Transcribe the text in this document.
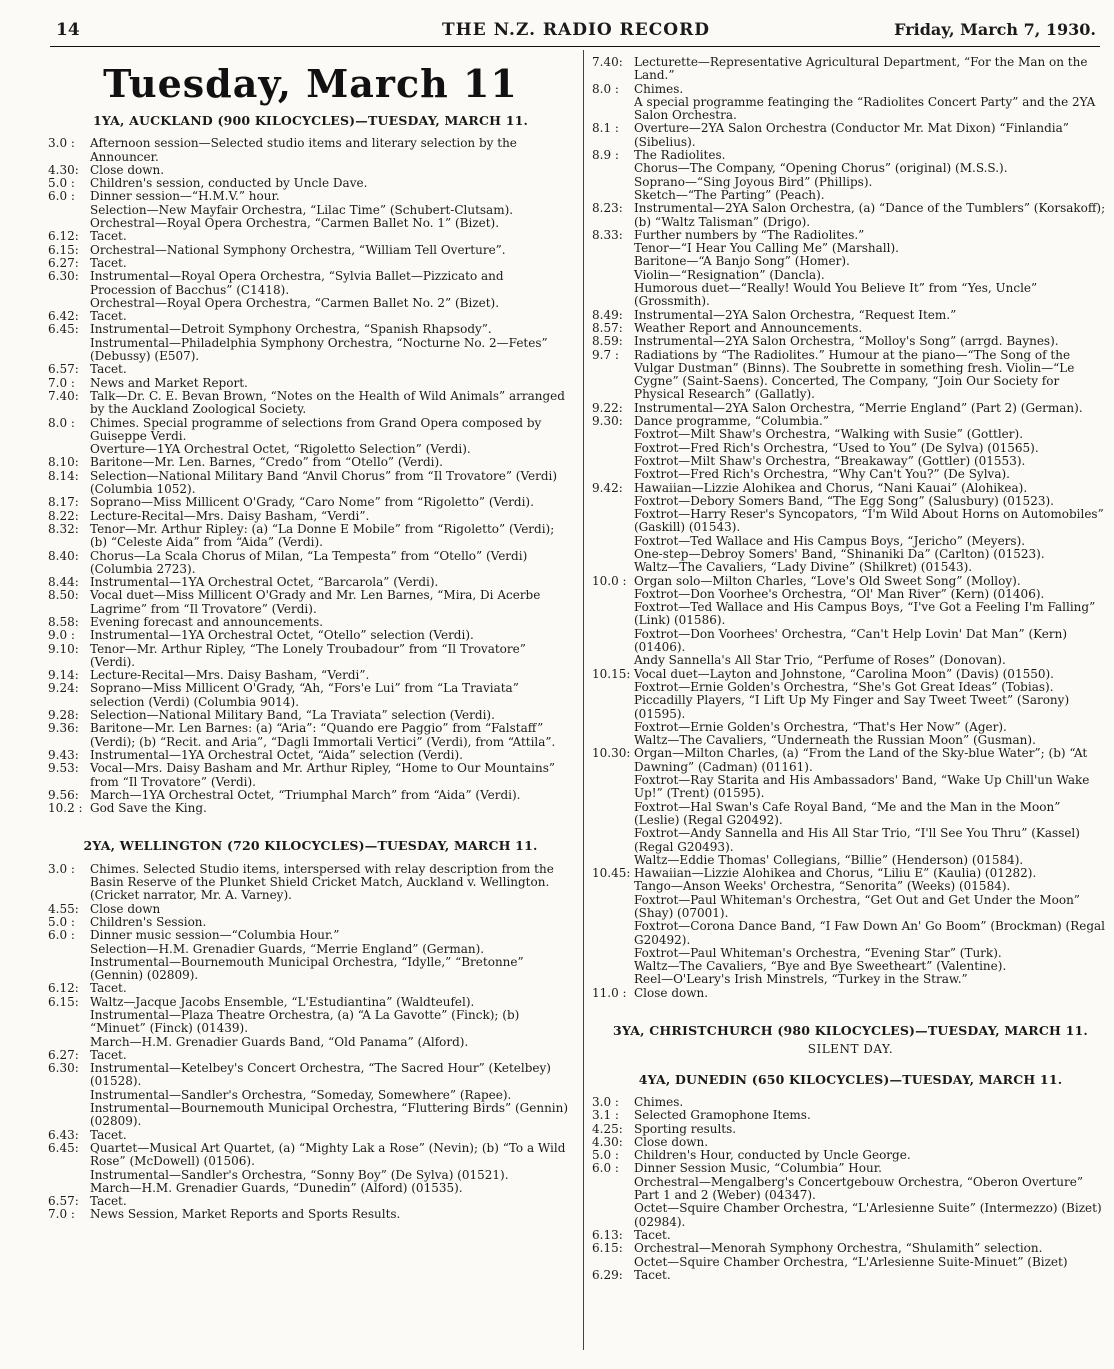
14	THE N.Z. RADIO RECORD	Friday, March 7, 1930.
Tuesday, March 11
1YA, AUCKLAND (900 KILOCYCLES)—TUESDAY, MARCH 11.
3.0 :	Afternoon session—Selected studio items and literary selection by the Announcer.
4.30: Close down.
5.0 :	Children's session, conducted by Uncle Dave.
6.0 :	Dinner session—“H.M.V.” hour.
Selection—New Mayfair Orchestra, “Lilac Time” (Schubert-Clutsam).
Orchestral—Royal Opera Orchestra, “Carmen Ballet No. 1” (Bizet).
6.12: Tacet.
6.15: Orchestral—National Symphony Orchestra, “William Tell Overture”.
6.27: Tacet.
6.30: Instrumental—Royal Opera Orchestra, “Sylvia Ballet—Pizzicato and Procession of Bacchus” (C1418).
Orchestral—Royal Opera Orchestra, “Carmen Ballet No. 2” (Bizet).
6.42: Tacet.
6.45: Instrumental—Detroit Symphony Orchestra, “Spanish Rhapsody”.
Instrumental—Philadelphia Symphony Orchestra, “Nocturne No. 2—Fetes” (Debussy) (E507).
6.57: Tacet.
7.0 :	News and Market Report.
7.40: Talk—Dr. C. E. Bevan Brown, “Notes on the Health of Wild Animals” arranged by the Auckland Zoological Society.
8.0 :	Chimes. Special programme of selections from Grand Opera composed by Guiseppe Verdi.
Overture—1YA Orchestral Octet, “Rigoletto Selection” (Verdi).
8.10: Baritone—Mr. Len. Barnes, “Credo” from “Otello” (Verdi).
8.14: Selection—National Military Band “Anvil Chorus” from “Il Trovatore” (Verdi) (Columbia 1052).
8.17: Soprano—Miss Millicent O'Grady, “Caro Nome” from “Rigoletto” (Verdi).
8.22: Lecture-Recital—Mrs. Daisy Basham, “Verdi”.
8.32: Tenor—Mr. Arthur Ripley: (a) “La Donne E Mobile” from “Rigoletto” (Verdi); (b) “Celeste Aida” from “Aida” (Verdi).
8.40: Chorus—La Scala Chorus of Milan, “La Tempesta” from “Otello” (Verdi) (Columbia 2723).
8.44: Instrumental—1YA Orchestral Octet, “Barcarola” (Verdi).
8.50: Vocal duet—Miss Millicent O'Grady and Mr. Len Barnes, “Mira, Di Acerbe Lagrime” from “Il Trovatore” (Verdi).
8.58: Evening forecast and announcements.
9.0 :	Instrumental—1YA Orchestral Octet, “Otello” selection (Verdi).
9.10: Tenor—Mr. Arthur Ripley, “The Lonely Troubadour” from “Il Trovatore” (Verdi).
9.14: Lecture-Recital—Mrs. Daisy Basham, “Verdi”.
9.24: Soprano—Miss Millicent O'Grady, “Ah, “Fors'e Lui” from “La Traviata” selection (Verdi) (Columbia 9014).
9.28: Selection—National Military Band, “La Traviata” selection (Verdi).
9.36: Baritone—Mr. Len Barnes: (a) “Aria”: “Quando ere Paggio” from “Falstaff” (Verdi); (b) “Recit. and Aria”, “Dagli Immortali Vertici” (Verdi), from “Attila”.
9.43: Instrumental—1YA Orchestral Octet, “Aida” selection (Verdi).
9.53: Vocal—Mrs. Daisy Basham and Mr. Arthur Ripley, “Home to Our Mountains” from “Il Trovatore” (Verdi).
9.56: March—1YA Orchestral Octet, “Triumphal March” from “Aida” (Verdi).
10.2 : God Save the King.
2YA, WELLINGTON (720 KILOCYCLES)—TUESDAY, MARCH 11.
3.0 :	Chimes. Selected Studio items, interspersed with relay description from the Basin Reserve of the Plunket Shield Cricket Match, Auckland v. Wellington. (Cricket narrator, Mr. A. Varney).
4.55: Close down
5.0 :	Children's Session.
6.0 :	Dinner music session—“Columbia Hour.”
Selection—H.M. Grenadier Guards, “Merrie England” (German).
Instrumental—Bournemouth Municipal Orchestra, “Idylle,” “Bretonne” (Gennin) (02809).
6.12: Tacet.
6.15: Waltz—Jacque Jacobs Ensemble, “L'Estudiantina” (Waldteufel).
Instrumental—Plaza Theatre Orchestra, (a) “A La Gavotte” (Finck); (b) “Minuet” (Finck) (01439).
March—H.M. Grenadier Guards Band, “Old Panama” (Alford).
6.27: Tacet.
6.30: Instrumental—Ketelbey's Concert Orchestra, “The Sacred Hour” (Ketelbey) (01528).
Instrumental—Sandler's Orchestra, “Someday, Somewhere” (Rapee).
Instrumental—Bournemouth Municipal Orchestra, “Fluttering Birds” (Gennin) (02809).
6.43: Tacet.
6.45: Quartet—Musical Art Quartet, (a) “Mighty Lak a Rose” (Nevin); (b) “To a Wild Rose” (McDowell) (01506).
Instrumental—Sandler's Orchestra, “Sonny Boy” (De Sylva) (01521).
March—H.M. Grenadier Guards, “Dunedin” (Alford) (01535).
6.57: Tacet.
7.0 :	News Session, Market Reports and Sports Results.
7.40: Lecturette—Representative Agricultural Department, “For the Man on the Land.”
8.0 :	Chimes.
A special programme featinging the “Radiolites Concert Party” and the 2YA Salon Orchestra.
8.1 :	Overture—2YA Salon Orchestra (Conductor Mr. Mat Dixon) “Finlandia” (Sibelius).
8.9 :	The Radiolites.
Chorus—The Company, “Opening Chorus” (original) (M.S.S.).
Soprano—“Sing Joyous Bird” (Phillips).
Sketch—“The Parting” (Peach).
8.23: Instrumental—2YA Salon Orchestra, (a) “Dance of the Tumblers” (Korsakoff); (b) “Waltz Talisman” (Drigo).
8.33: Further numbers by “The Radiolites.”
Tenor—“I Hear You Calling Me” (Marshall).
Baritone—“A Banjo Song” (Homer).
Violin—“Resignation” (Dancla).
Humorous duet—“Really! Would You Believe It” from “Yes, Uncle” (Grossmith).
8.49: Instrumental—2YA Salon Orchestra, “Request Item.”
8.57: Weather Report and Announcements.
8.59: Instrumental—2YA Salon Orchestra, “Molloy's Song” (arrgd. Baynes).
9.7 :	Radiations by “The Radiolites.” Humour at the piano—“The Song of the Vulgar Dustman” (Binns). The Soubrette in something fresh. Violin—“Le Cygne” (Saint-Saens). Concerted, The Company, “Join Our Society for Physical Research” (Gallatly).
9.22: Instrumental—2YA Salon Orchestra, “Merrie England” (Part 2) (German).
9.30: Dance programme, “Columbia.”
Foxtrot—Milt Shaw's Orchestra, “Walking with Susie” (Gottler).
Foxtrot—Fred Rich's Orchestra, “Used to You” (De Sylva) (01565).
Foxtrot—Milt Shaw's Orchestra, “Breakaway” (Gottler) (01553).
Foxtrot—Fred Rich's Orchestra, “Why Can't You?” (De Sylva).
9.42: Hawaiian—Lizzie Alohikea and Chorus, “Nani Kauai” (Alohikea).
Foxtrot—Debory Somers Band, “The Egg Song” (Salusbury) (01523).
Foxtrot—Harry Reser's Syncopators, “I'm Wild About Horns on Automobiles” (Gaskill) (01543).
Foxtrot—Ted Wallace and His Campus Boys, “Jericho” (Meyers).
One-step—Debroy Somers' Band, “Shinaniki Da” (Carlton) (01523).
Waltz—The Cavaliers, “Lady Divine” (Shilkret) (01543).
10.0 : Organ solo—Milton Charles, “Love's Old Sweet Song” (Molloy).
Foxtrot—Don Voorhee's Orchestra, “Ol' Man River” (Kern) (01406).
Foxtrot—Ted Wallace and His Campus Boys, “I've Got a Feeling I'm Falling” (Link) (01586).
Foxtrot—Don Voorhees' Orchestra, “Can't Help Lovin' Dat Man” (Kern) (01406).
Andy Sannella's All Star Trio, “Perfume of Roses” (Donovan).
10.15: Vocal duet—Layton and Johnstone, “Carolina Moon” (Davis) (01550).
Foxtrot—Ernie Golden's Orchestra, “She's Got Great Ideas” (Tobias).
Piccadilly Players, “I Lift Up My Finger and Say Tweet Tweet” (Sarony) (01595).
Foxtrot—Ernie Golden's Orchestra, “That's Her Now” (Ager).
Waltz—The Cavaliers, “Underneath the Russian Moon” (Gusman).
10.30: Organ—Milton Charles, (a) “From the Land of the Sky-blue Water”; (b) “At Dawning” (Cadman) (01161).
Foxtrot—Ray Starita and His Ambassadors' Band, “Wake Up Chill'un Wake Up!” (Trent) (01595).
Foxtrot—Hal Swan's Cafe Royal Band, “Me and the Man in the Moon” (Leslie) (Regal G20492).
Foxtrot—Andy Sannella and His All Star Trio, “I'll See You Thru” (Kassel) (Regal G20493).
Waltz—Eddie Thomas' Collegians, “Billie” (Henderson) (01584).
10.45: Hawaiian—Lizzie Alohikea and Chorus, “Liliu E” (Kaulia) (01282).
Tango—Anson Weeks' Orchestra, “Senorita” (Weeks) (01584).
Foxtrot—Paul Whiteman's Orchestra, “Get Out and Get Under the Moon” (Shay) (07001).
Foxtrot—Corona Dance Band, “I Faw Down An' Go Boom” (Brockman) (Regal G20492).
Foxtrot—Paul Whiteman's Orchestra, “Evening Star” (Turk).
Waltz—The Cavaliers, “Bye and Bye Sweetheart” (Valentine).
Reel—O'Leary's Irish Minstrels, “Turkey in the Straw.”
11.0 : Close down.
3YA, CHRISTCHURCH (980 KILOCYCLES)—TUESDAY, MARCH 11.
SILENT DAY.
4YA, DUNEDIN (650 KILOCYCLES)—TUESDAY, MARCH 11.
3.0 :	Chimes.
3.1 :	Selected Gramophone Items.
4.25: Sporting results.
4.30: Close down.
5.0 :	Children's Hour, conducted by Uncle George.
6.0 :	Dinner Session Music, “Columbia” Hour.
Orchestral—Mengalberg's Concertgebouw Orchestra, “Oberon Overture” Part 1 and 2 (Weber) (04347).
Octet—Squire Chamber Orchestra, “L'Arlesienne Suite” (Intermezzo) (Bizet) (02984).
6.13: Tacet.
6.15: Orchestral—Menorah Symphony Orchestra, “Shulamith” selection.
Octet—Squire Chamber Orchestra, “L'Arlesienne Suite-Minuet” (Bizet)
6.29: Tacet.
